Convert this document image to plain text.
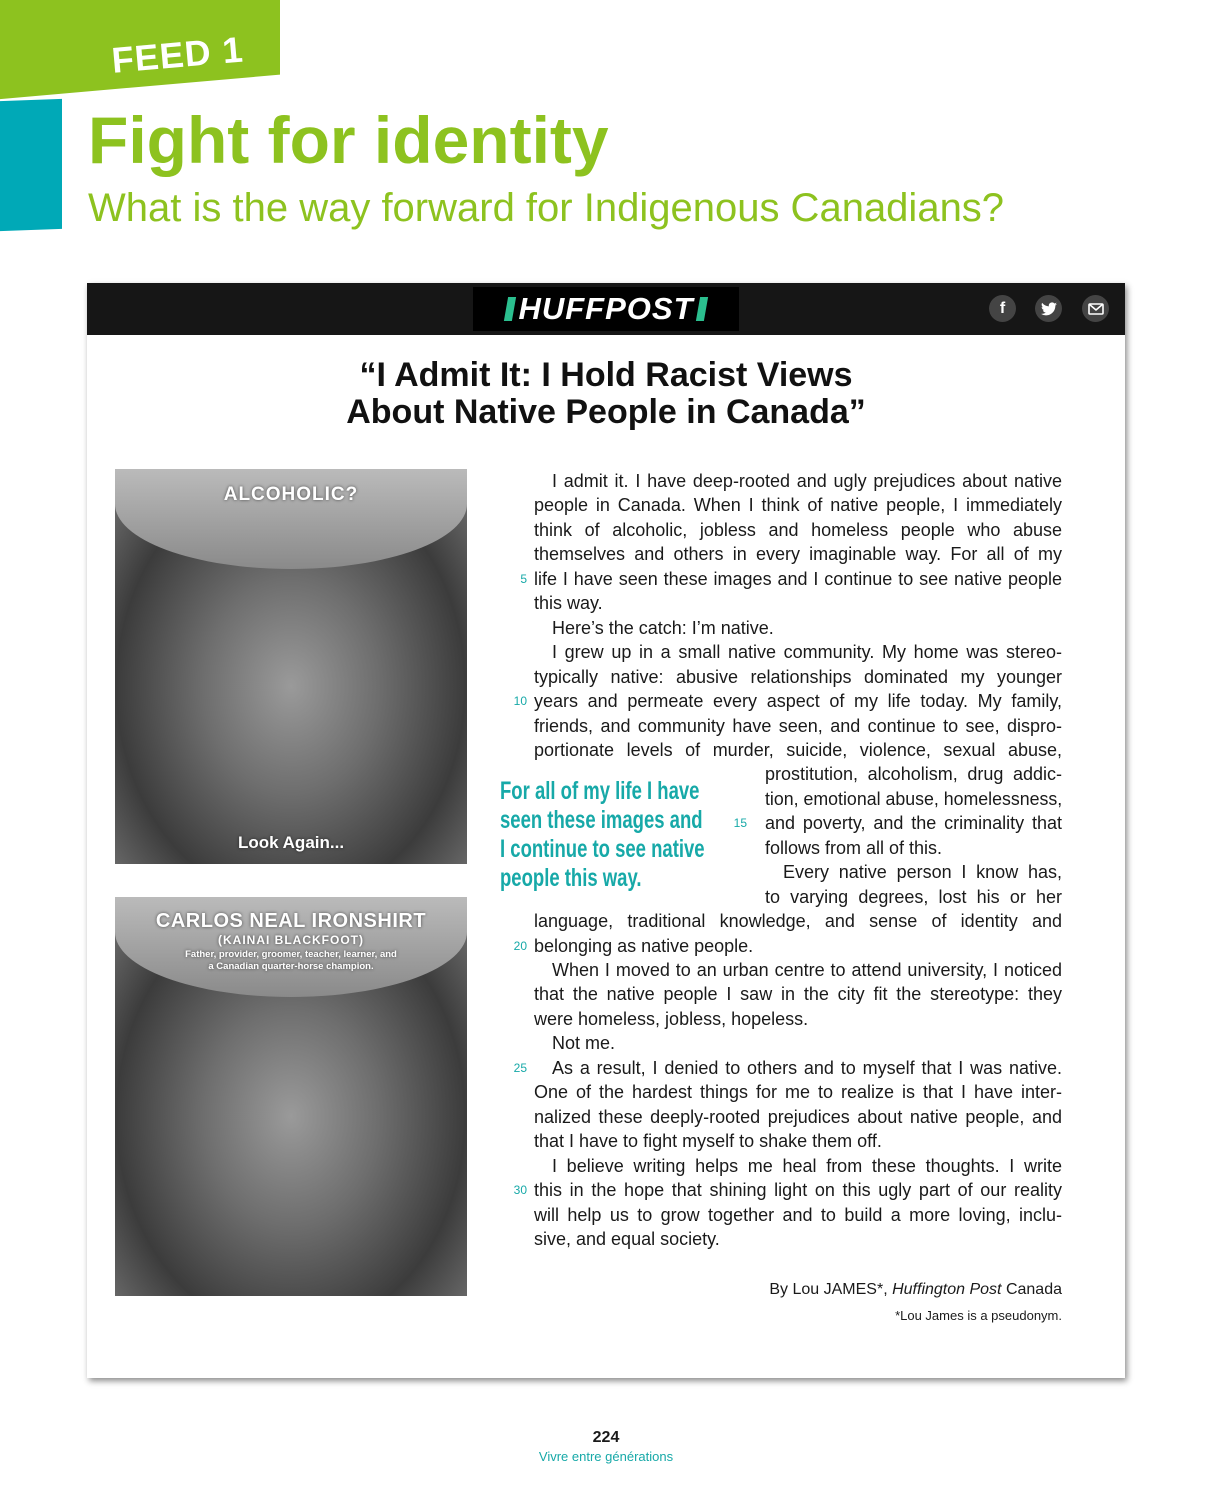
FEED 1
Fight for identity
What is the way forward for Indigenous Canadians?
HUFFPOST	f
“I Admit It: I Hold Racist Views
About Native People in Canada”
ALCOHOLIC?
Look Again...
CARLOS NEAL IRONSHIRT
(KAINAI BLACKFOOT)
Father, provider, groomer, teacher, learner, and
a Canadian quarter-horse champion.
For all of my life I have
seen these images and
I continue to see native
people this way.
I admit it. I have deep-rooted and ugly prejudices about native
people in Canada. When I think of native people, I immediately
think of alcoholic, jobless and homeless people who abuse
themselves and others in every imaginable way. For all of my
life I have seen these images and I continue to see native people
5
this way.
Here’s the catch: I’m native.
I grew up in a small native community. My home was stereo-
typically native: abusive relationships dominated my younger
years and permeate every aspect of my life today. My family,
10
friends, and community have seen, and continue to see, dispro-
portionate levels of murder, suicide, violence, sexual abuse,
prostitution, alcoholism, drug addic-
tion, emotional abuse, homelessness,
and poverty, and the criminality that
15
follows from all of this.
Every native person I know has,
to varying degrees, lost his or her
language, traditional knowledge, and sense of identity and
belonging as native people.
20
When I moved to an urban centre to attend university, I noticed
that the native people I saw in the city fit the stereotype: they
were homeless, jobless, hopeless.
Not me.
As a result, I denied to others and to myself that I was native.
25
One of the hardest things for me to realize is that I have inter-
nalized these deeply-rooted prejudices about native people, and
that I have to fight myself to shake them off.
I believe writing helps me heal from these thoughts. I write
this in the hope that shining light on this ugly part of our reality
30
will help us to grow together and to build a more loving, inclu-
sive, and equal society.
By Lou JAMES*, Huffington Post Canada
*Lou James is a pseudonym.
224
Vivre entre générations
